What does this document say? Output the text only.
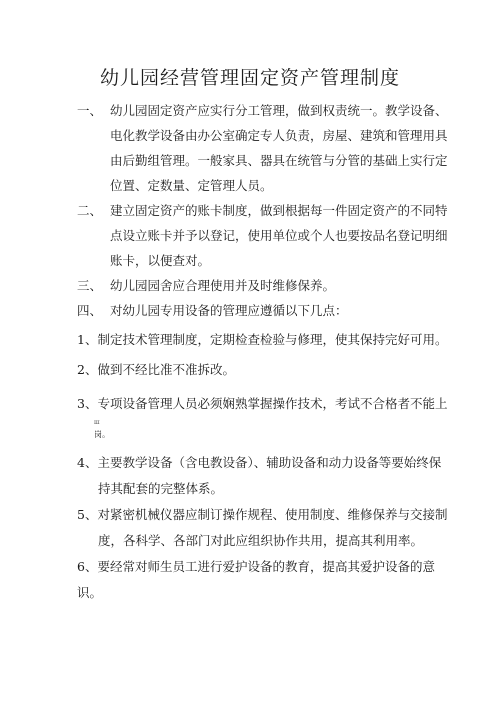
幼儿园经营管理固定资产管理制度
一、 幼儿园固定资产应实行分工管理，做到权责统一。教学设备、
电化教学设备由办公室确定专人负责，房屋、建筑和管理用具
由后勤组管理。一般家具、器具在统管与分管的基础上实行定
位置、定数量、定管理人员。
二、 建立固定资产的账卡制度，做到根据每一件固定资产的不同特
点设立账卡并予以登记，使用单位或个人也要按品名登记明细
账卡，以便查对。
三、 幼儿园园舍应合理使用并及时维修保养。
四、 对幼儿园专用设备的管理应遵循以下几点：
1、制定技术管理制度，定期检查检验与修理，使其保持完好可用。
2、做到不经比准不准拆改。
3、专项设备管理人员必须娴熟掌握操作技术，考试不合格者不能上
ш
岗。
4、主要教学设备（含电教设备）、辅助设备和动力设备等要始终保
持其配套的完整体系。
5、对紧密机械仪器应制订操作规程、使用制度、维修保养与交接制
度，各科学、各部门对此应组织协作共用，提高其利用率。
6、要经常对师生员工进行爱护设备的教育，提高其爱护设备的意
识。
